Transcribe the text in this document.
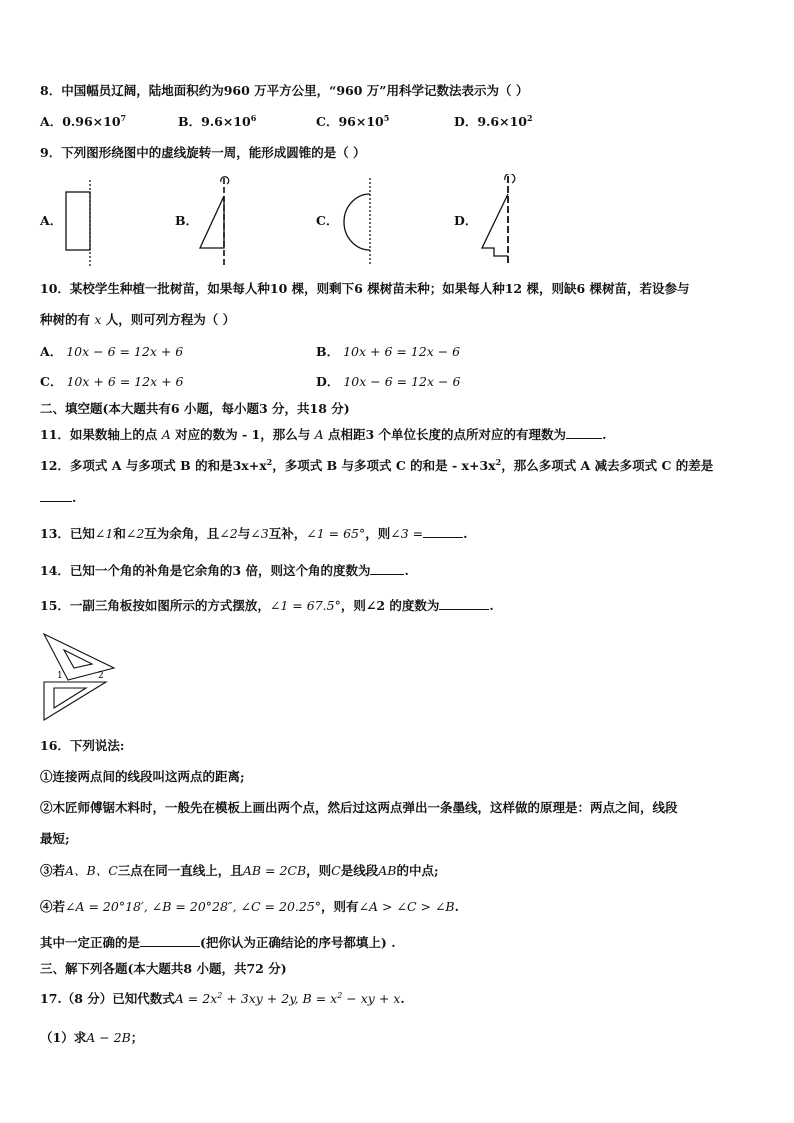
8．中国幅员辽阔，陆地面积约为960 万平方公里，“960 万”用科学记数法表示为（ ）
A．$0.96\times 10^7$	B．$9.6\times 10^6$	C．$96\times 10^5$	D．$9.6\times 10^2$
9．下列图形绕图中的虚线旋转一周，能形成圆锥的是（ ）
A．	B．	C．	D．
10．某校学生种植一批树苗，如果每人种10 棵，则剩下6 棵树苗未种；如果每人种12 棵，则缺6 棵树苗，若设参与
种树的有 x 人，则可列方程为（ ）
A． 10x − 6 = 12x + 6	B． 10x + 6 = 12x − 6
C． 10x + 6 = 12x + 6	D． 10x − 6 = 12x − 6
二、填空题(本大题共有6 小题，每小题3 分，共18 分)
11．如果数轴上的点 A 对应的数为 - 1，那么与 A 点相距3 个单位长度的点所对应的有理数为	.
12．多项式 A 与多项式 B 的和是$3x+x^2$，多项式 B 与多项式 C 的和是 - $x+3x^2$，那么多项式 A 减去多项式 C 的差是
.
13．已知∠1和∠2互为余角，且∠2与∠3互补，∠1 = 65°，则∠3 =	.
14．已知一个角的补角是它余角的3 倍，则这个角的度数为	.
15．一副三角板按如图所示的方式摆放，∠1 = 67.5°，则∠2 的度数为	.
1	2
16．下列说法:
①连接两点间的线段叫这两点的距离;
②木匠师傅锯木料时，一般先在模板上画出两个点，然后过这两点弹出一条墨线，这样做的原理是：两点之间，线段
最短;
③若A、B、C三点在同一直线上，且AB = 2CB，则C是线段AB的中点;
④若∠A = 20°18′, ∠B = 20°28″, ∠C = 20.25°，则有∠A > ∠C > ∠B.
其中一定正确的是	(把你认为正确结论的序号都填上) .
三、解下列各题(本大题共8 小题，共72 分)
17.（8 分）已知代数式$A = 2x^2 + 3xy + 2y$, $B = x^2$ − xy + x.
（1）求A − 2B；
